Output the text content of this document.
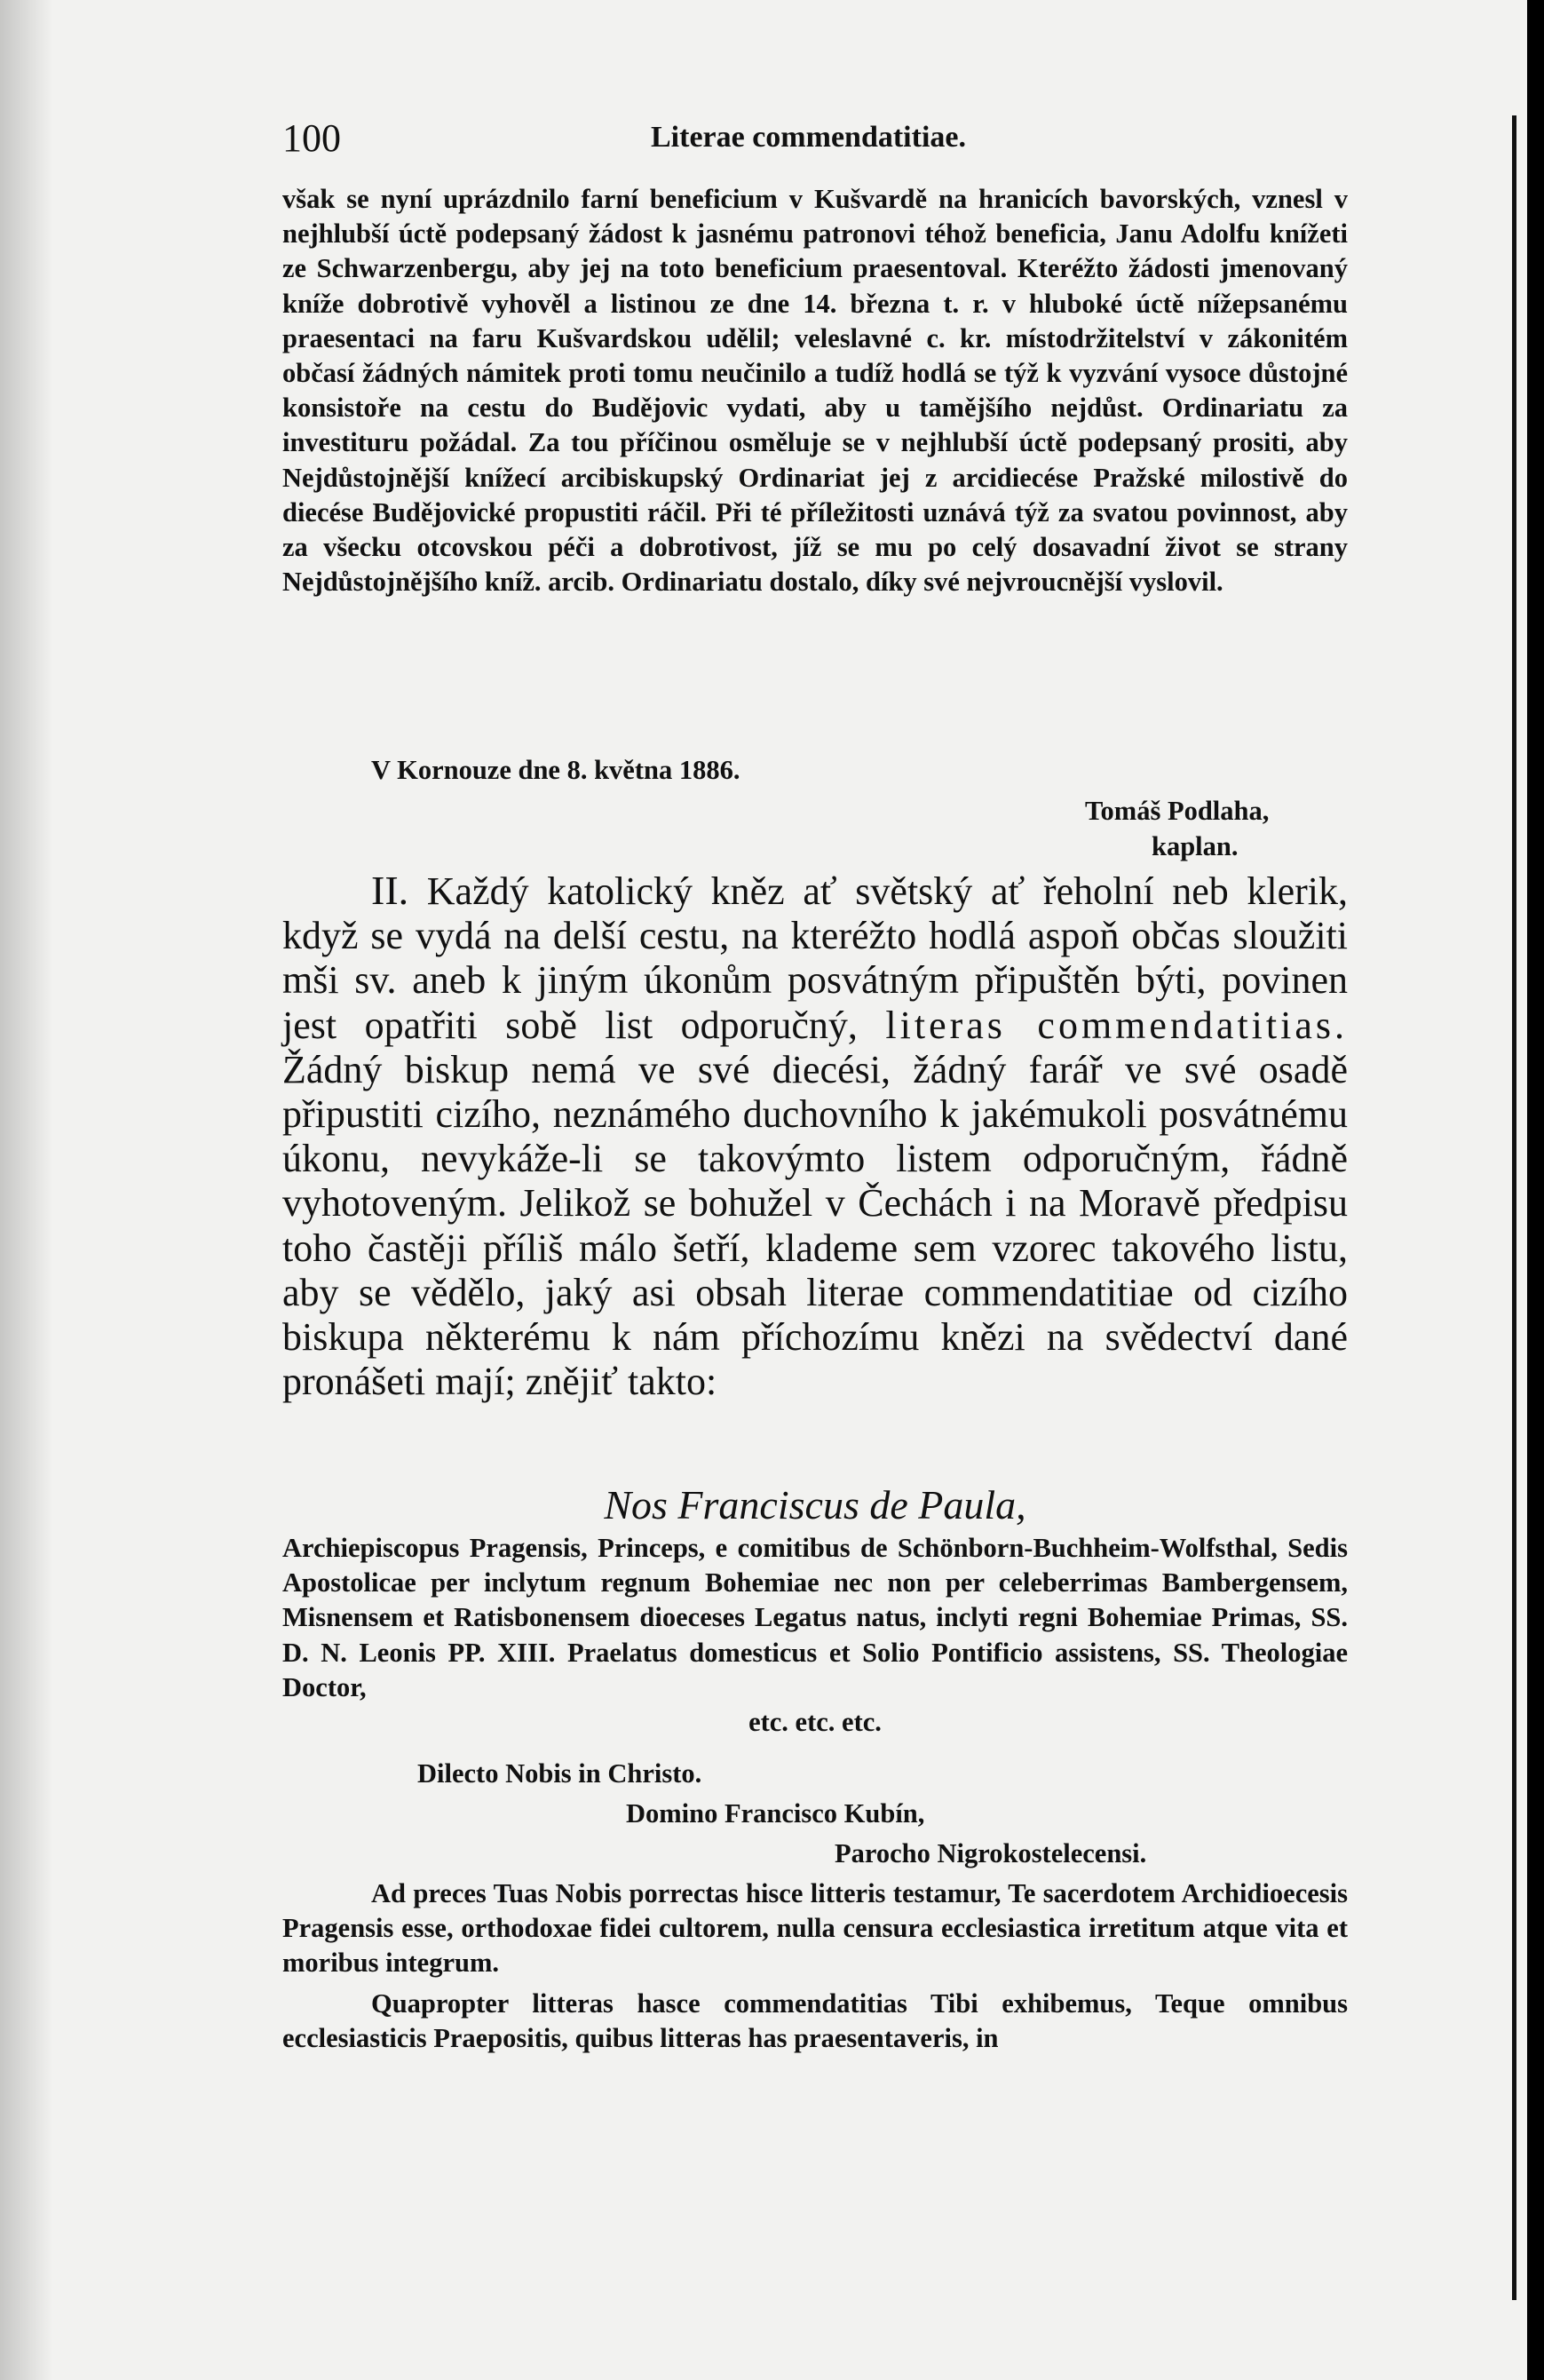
100	Literae commendatitiae.
však se nyní uprázdnilo farní beneficium v Kušvardě na hranicích bavorských, vznesl v nejhlubší úctě podepsaný žádost k jasnému patronovi téhož beneficia, Janu Adolfu knížeti ze Schwarzenbergu, aby jej na toto beneficium praesentoval. Kteréžto žádosti jmenovaný kníže dobrotivě vyhověl a listinou ze dne 14. března t. r. v hluboké úctě nížepsanému praesentaci na faru Kušvardskou udělil; veleslavné c. kr. místodržitelství v zákonitém občasí žádných námitek proti tomu neučinilo a tudíž hodlá se týž k vyzvání vysoce důstojné konsistoře na cestu do Budějovic vydati, aby u tamějšího nejdůst. Ordinariatu za investituru požádal. Za tou příčinou osměluje se v nejhlubší úctě podepsaný prositi, aby Nejdůstojnější knížecí arcibiskupský Ordinariat jej z arcidiecése Pražské milostivě do diecése Budějovické propustiti ráčil. Při té příležitosti uznává týž za svatou povinnost, aby za všecku otcovskou péči a dobrotivost, jíž se mu po celý dosavadní život se strany Nejdůstojnějšího kníž. arcib. Ordinariatu dostalo, díky své nejvroucnější vyslovil.
V Kornouze dne 8. května 1886.
Tomáš Podlaha,
kaplan.
II. Každý katolický kněz ať světský ať řeholní neb klerik, když se vydá na delší cestu, na kteréžto hodlá aspoň občas sloužiti mši sv. aneb k jiným úkonům posvátným připuštěn býti, povinen jest opatřiti sobě list odporučný, literas commendatitias. Žádný biskup nemá ve své diecési, žádný farář ve své osadě připustiti cizího, neznámého duchovního k jakémukoli posvátnému úkonu, nevykáže-li se takovýmto listem odporučným, řádně vyhotoveným. Jelikož se bohužel v Čechách i na Moravě předpisu toho častěji příliš málo šetří, klademe sem vzorec takového listu, aby se vědělo, jaký asi obsah literae commendatitiae od cizího biskupa některému k nám příchozímu knězi na svědectví dané pronášeti mají; znějiť takto:
Nos Franciscus de Paula,
Archiepiscopus Pragensis, Princeps, e comitibus de Schönborn-Buchheim-Wolfsthal, Sedis Apostolicae per inclytum regnum Bohemiae nec non per celeberrimas Bambergensem, Misnensem et Ratisbonensem dioeceses Legatus natus, inclyti regni Bohemiae Primas, SS. D. N. Leonis PP. XIII. Praelatus domesticus et Solio Pontificio assistens, SS. Theologiae Doctor,
etc. etc. etc.
Dilecto Nobis in Christo.
Domino Francisco Kubín,
Parocho Nigrokostelecensi.
Ad preces Tuas Nobis porrectas hisce litteris testamur, Te sacerdotem Archidioecesis Pragensis esse, orthodoxae fidei cultorem, nulla censura ecclesiastica irretitum atque vita et moribus integrum.
Quapropter litteras hasce commendatitias Tibi exhibemus, Teque omnibus ecclesiasticis Praepositis, quibus litteras has praesentaveris, in
